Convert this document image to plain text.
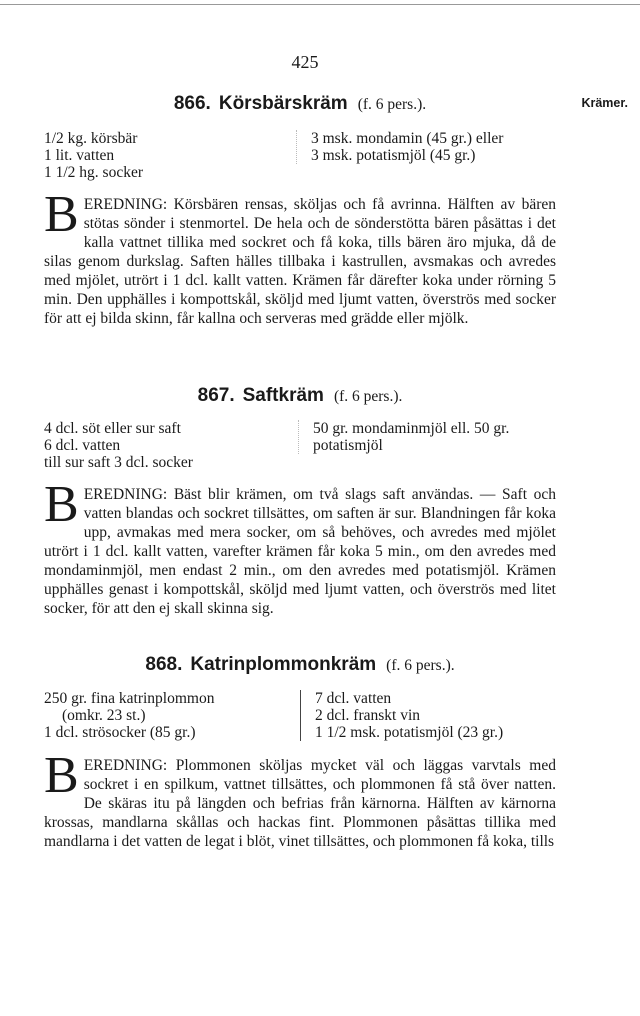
425
Krämer.
866. Körsbärskräm (f. 6 pers.).
1/2 kg. körsbär
1 lit. vatten
1 1/2 hg. socker
3 msk. mondamin (45 gr.) eller
3 msk. potatismjöl (45 gr.)
BEREDNING: Körsbären rensas, sköljas och få avrinna. Hälften av bären stötas sönder i stenmortel. De hela och de sönderstötta bären påsättas i det kalla vattnet tillika med sockret och få koka, tills bären äro mjuka, då de silas genom durkslag. Saften hälles tillbaka i kastrullen, avsmakas och avredes med mjölet, utrört i 1 dcl. kallt vatten. Krämen får därefter koka under rörning 5 min. Den upphälles i kompottskål, sköljd med ljumt vatten, överströs med socker för att ej bilda skinn, får kallna och serveras med grädde eller mjölk.
867. Saftkräm (f. 6 pers.).
4 dcl. söt eller sur saft
6 dcl. vatten
till sur saft 3 dcl. socker
50 gr. mondaminmjöl ell. 50 gr.
potatismjöl
BEREDNING: Bäst blir krämen, om två slags saft användas. — Saft och vatten blandas och sockret tillsättes, om saften är sur. Blandningen får koka upp, avmakas med mera socker, om så behöves, och avredes med mjölet utrört i 1 dcl. kallt vatten, varefter krämen får koka 5 min., om den avredes med mondaminmjöl, men endast 2 min., om den avredes med potatismjöl. Krämen upphälles genast i kompottskål, sköljd med ljumt vatten, och överströs med litet socker, för att den ej skall skinna sig.
868. Katrinplommonkräm (f. 6 pers.).
250 gr. fina katrinplommon
(omkr. 23 st.)
1 dcl. strösocker (85 gr.)
7 dcl. vatten
2 dcl. franskt vin
1 1/2 msk. potatismjöl (23 gr.)
BEREDNING: Plommonen sköljas mycket väl och läggas varvtals med sockret i en spilkum, vattnet tillsättes, och plommonen få stå över natten. De skäras itu på längden och befrias från kärnorna. Hälften av kärnorna krossas, mandlarna skållas och hackas fint. Plommonen påsättas tillika med mandlarna i det vatten de legat i blöt, vinet tillsättes, och plommonen få koka, tills
